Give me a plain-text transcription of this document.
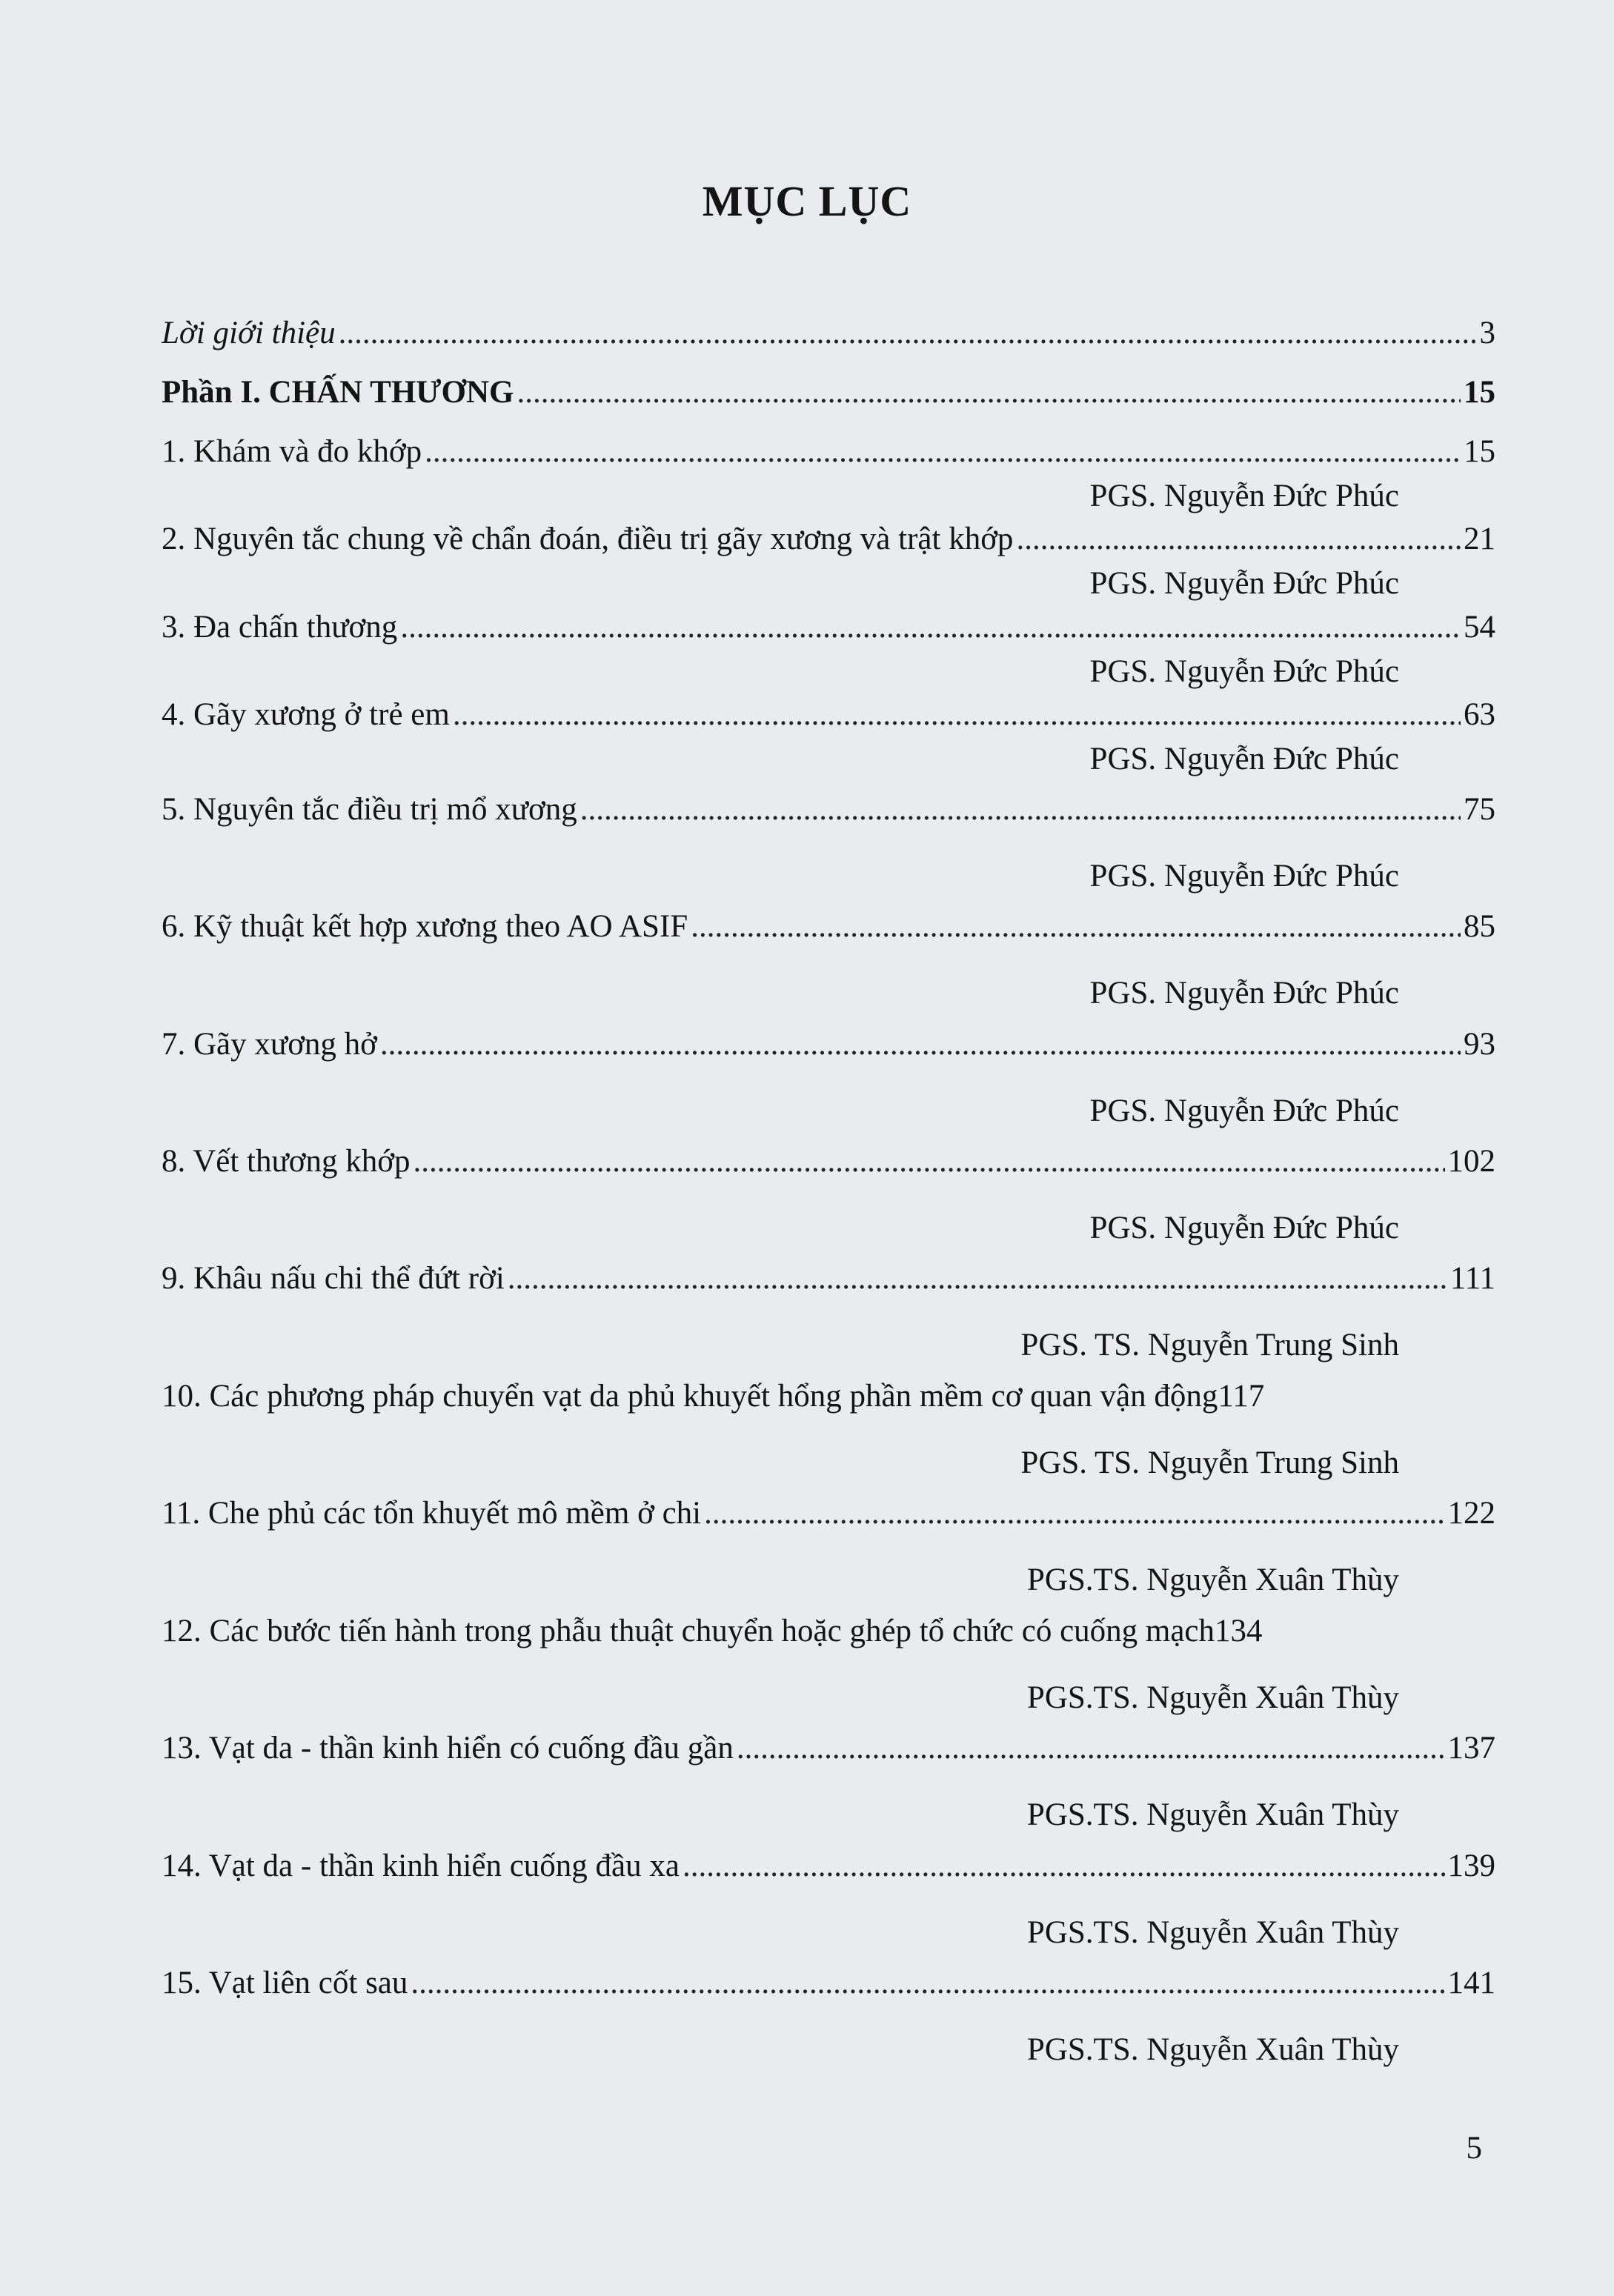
MỤC LỤC
Lời giới thiệu .....	3
Phần I. CHẤN THƯƠNG .....	15
1. Khám và đo khớp .....	15
PGS. Nguyễn Đức Phúc
2. Nguyên tắc chung về chẩn đoán, điều trị gãy xương và trật khớp .....	21
PGS. Nguyễn Đức Phúc
3. Đa chấn thương .....	54
PGS. Nguyễn Đức Phúc
4. Gãy xương ở trẻ em .....	63
PGS. Nguyễn Đức Phúc
5. Nguyên tắc điều trị mổ xương .....	75
PGS. Nguyễn Đức Phúc
6. Kỹ thuật kết hợp xương theo AO ASIF .....	85
PGS. Nguyễn Đức Phúc
7. Gãy xương hở .....	93
PGS. Nguyễn Đức Phúc
8. Vết thương khớp .....	102
PGS. Nguyễn Đức Phúc
9. Khâu nấu chi thể đứt rời .....	111
PGS. TS. Nguyễn Trung Sinh
10. Các phương pháp chuyển vạt da phủ khuyết hổng phần mềm cơ quan vận động 117
PGS. TS. Nguyễn Trung Sinh
11. Che phủ các tổn khuyết mô mềm ở chi .....	122
PGS.TS. Nguyễn Xuân Thùy
12. Các bước tiến hành trong phẫu thuật chuyển hoặc ghép tổ chức có cuống mạch 134
PGS.TS. Nguyễn Xuân Thùy
13. Vạt da - thần kinh hiển có cuống đầu gần .....	137
PGS.TS. Nguyễn Xuân Thùy
14. Vạt da - thần kinh hiển cuống đầu xa .....	139
PGS.TS. Nguyễn Xuân Thùy
15. Vạt liên cốt sau .....	141
PGS.TS. Nguyễn Xuân Thùy
5
